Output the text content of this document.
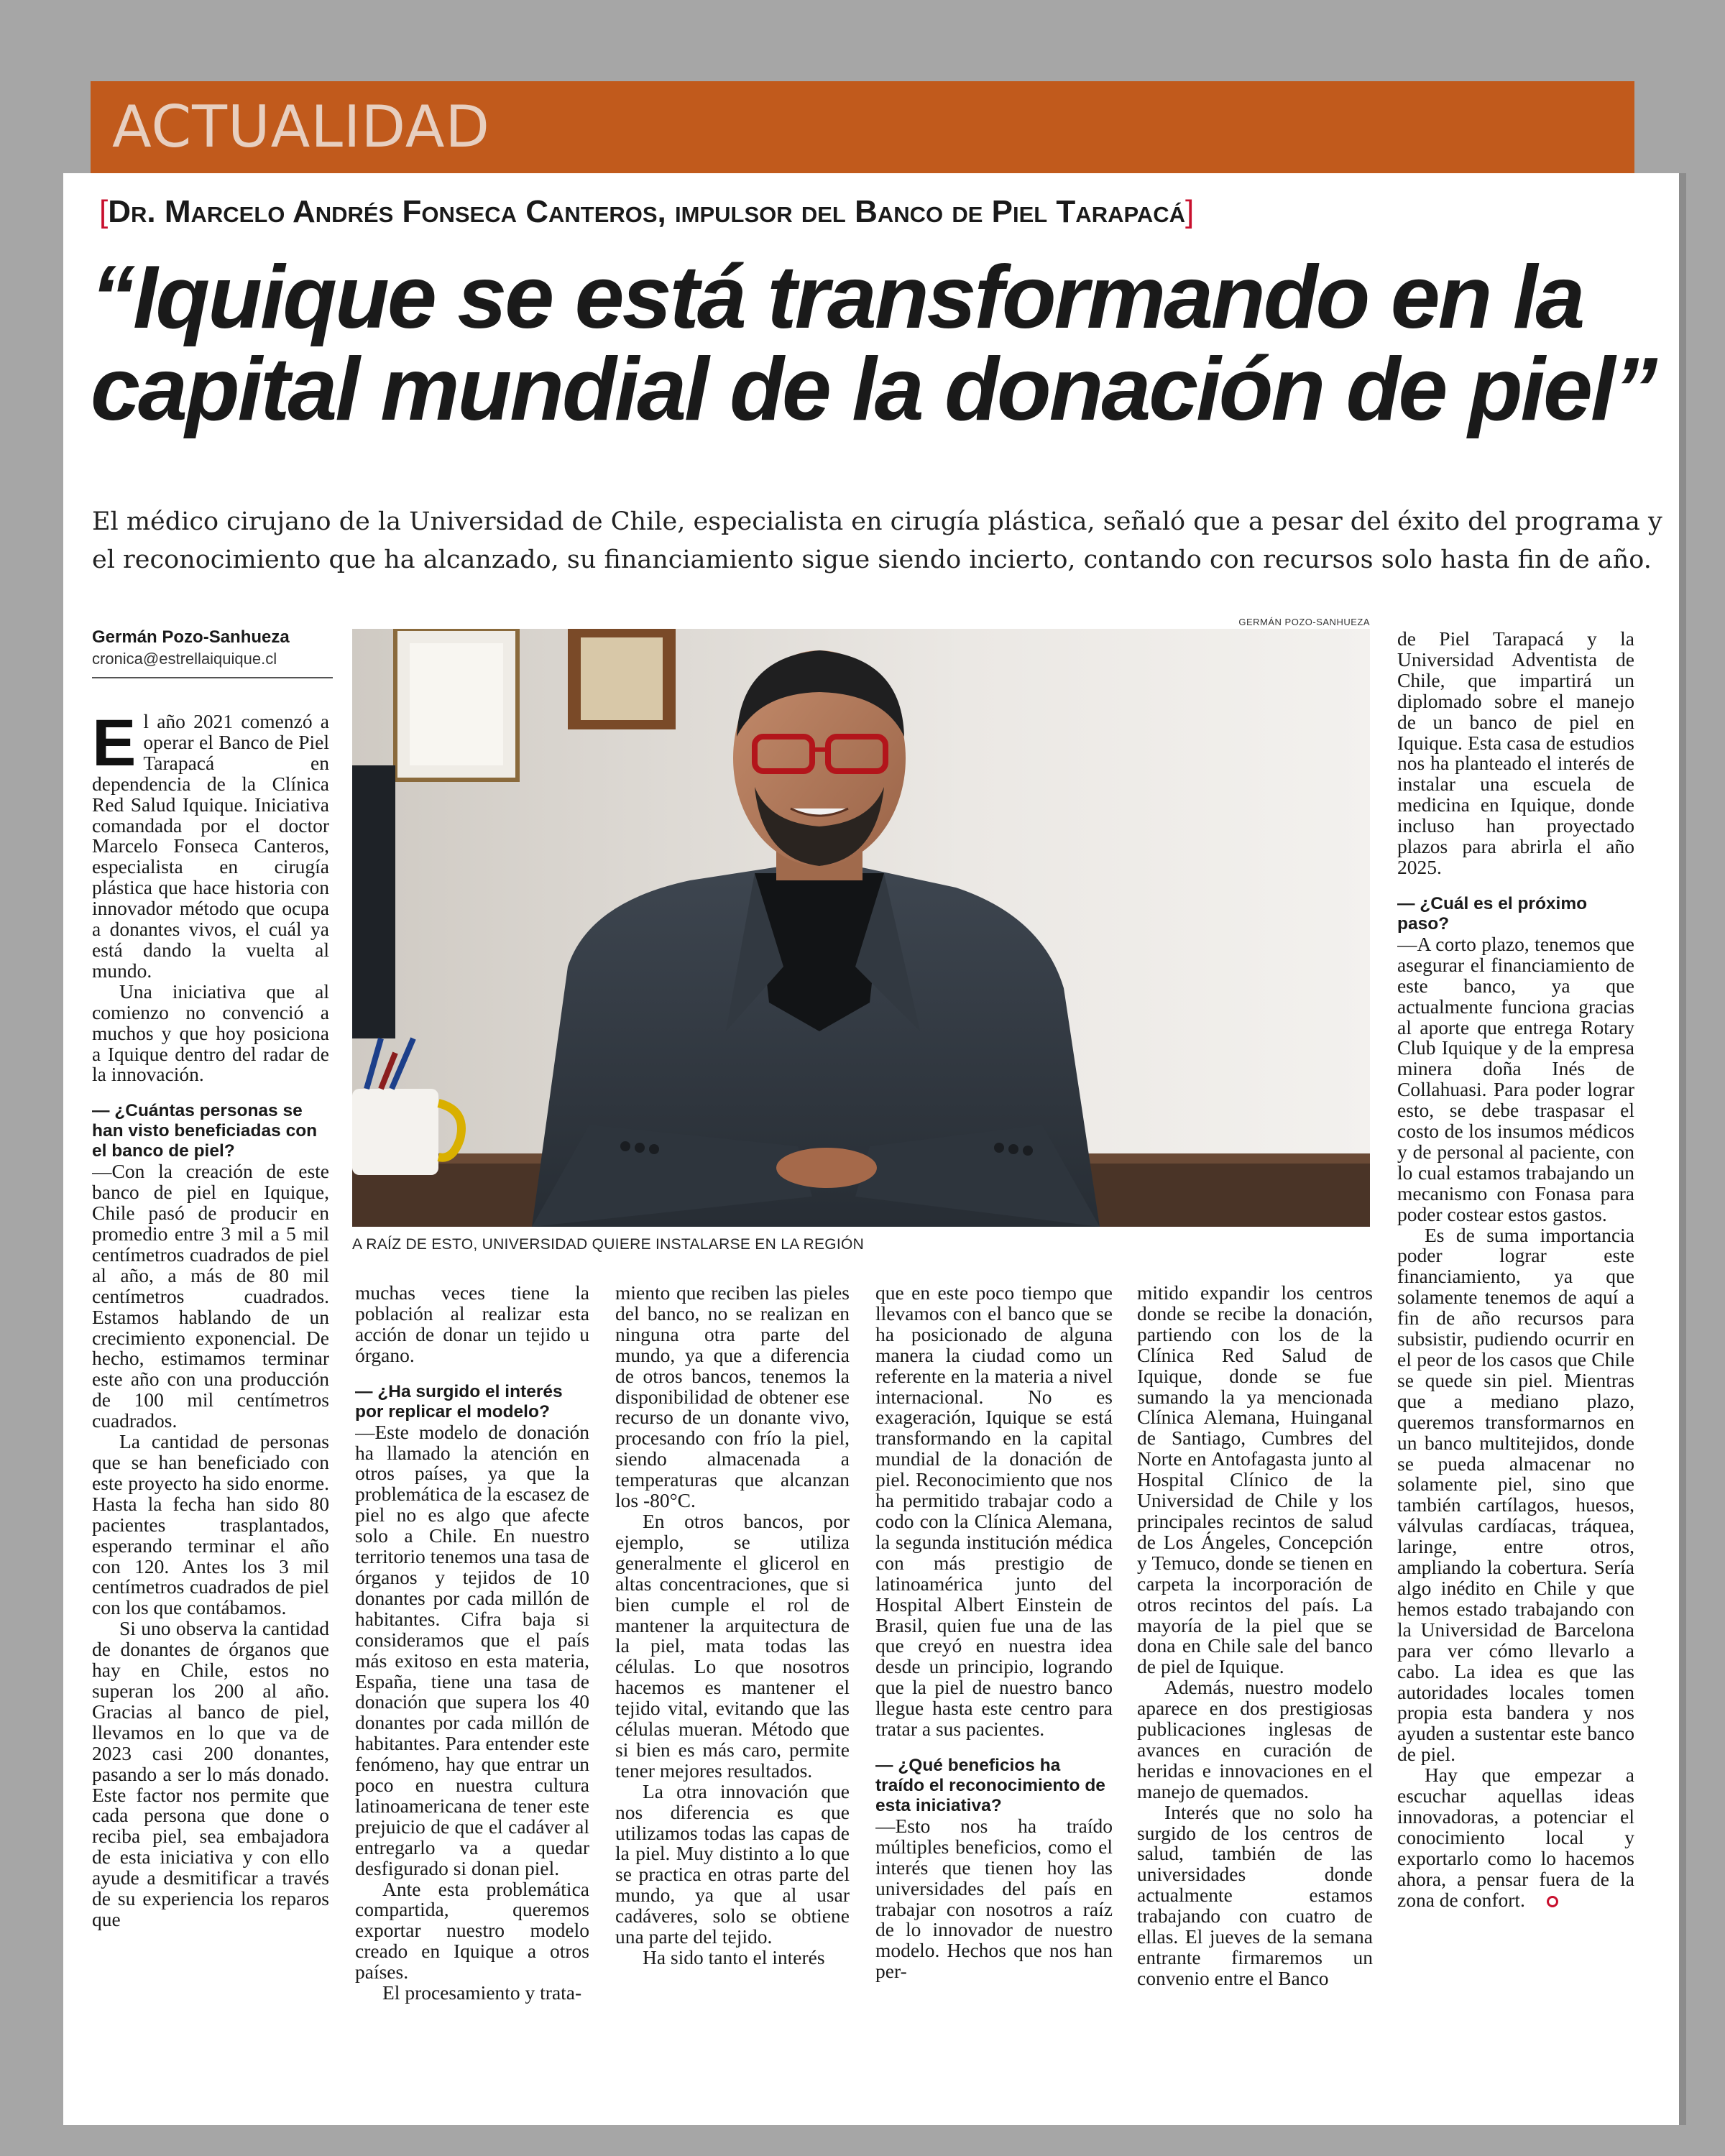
ACTUALIDAD
[Dr. Marcelo Andrés Fonseca Canteros, impulsor del Banco de Piel Tarapacá]
“Iquique se está transformando en la
capital mundial de la donación de piel”
El médico cirujano de la Universidad de Chile, especialista en cirugía plástica, señaló que a pesar del éxito del programa y
el reconocimiento que ha alcanzado, su financiamiento sigue siendo incierto, contando con recursos solo hasta fin de año.
Germán Pozo-Sanhueza
cronica@estrellaiquique.cl
GERMÁN POZO-SANHUEZA
A RAÍZ DE ESTO, UNIVERSIDAD QUIERE INSTALARSE EN LA REGIÓN

El año 2021 comenzó a operar el Banco de Piel Tarapacá en dependencia de la Clínica Red Salud Iquique. Iniciativa comandada por el doctor Marcelo Fonseca Canteros, especialista en cirugía plástica que hace historia con innovador método que ocupa a donantes vivos, el cuál ya está dando la vuelta al mundo.

Una iniciativa que al comienzo no convenció a muchos y que hoy posiciona a Iquique dentro del radar de la innovación.

— ¿Cuántas personas se han visto beneficiadas con el banco de piel?

—Con la creación de este banco de piel en Iquique, Chile pasó de producir en promedio entre 3 mil a 5 mil centímetros cuadrados de piel al año, a más de 80 mil centímetros cuadrados. Estamos hablando de un crecimiento exponencial. De hecho, estimamos terminar este año con una producción de 100 mil centímetros cuadrados.

La cantidad de personas que se han beneficiado con este proyecto ha sido enorme. Hasta la fecha han sido 80 pacientes trasplantados, esperando terminar el año con 120. Antes los 3 mil centímetros cuadrados de piel con los que contábamos.

Si uno observa la cantidad de donantes de órganos que hay en Chile, estos no superan los 200 al año. Gracias al banco de piel, llevamos en lo que va de 2023 casi 200 donantes, pasando a ser lo más donado. Este factor nos permite que cada persona que done o reciba piel, sea embajadora de esta iniciativa y con ello ayude a desmitificar a través de su experiencia los reparos que

muchas veces tiene la población al realizar esta acción de donar un tejido u órgano.

— ¿Ha surgido el interés por replicar el modelo?

—Este modelo de donación ha llamado la atención en otros países, ya que la problemática de la escasez de piel no es algo que afecte solo a Chile. En nuestro territorio tenemos una tasa de órganos y tejidos de 10 donantes por cada millón de habitantes. Cifra baja si consideramos que el país más exitoso en esta materia, España, tiene una tasa de donación que supera los 40 donantes por cada millón de habitantes. Para entender este fenómeno, hay que entrar un poco en nuestra cultura latinoamericana de tener este prejuicio de que el cadáver al entregarlo va a quedar desfigurado si donan piel.

Ante esta problemática compartida, queremos exportar nuestro modelo creado en Iquique a otros países.

El procesamiento y trata-

miento que reciben las pieles del banco, no se realizan en ninguna otra parte del mundo, ya que a diferencia de otros bancos, tenemos la disponibilidad de obtener ese recurso de un donante vivo, procesando con frío la piel, siendo almacenada a temperaturas que alcanzan los -80°C.

En otros bancos, por ejemplo, se utiliza generalmente el glicerol en altas concentraciones, que si bien cumple el rol de mantener la arquitectura de la piel, mata todas las células. Lo que nosotros hacemos es mantener el tejido vital, evitando que las células mueran. Método que si bien es más caro, permite tener mejores resultados.

La otra innovación que nos diferencia es que utilizamos todas las capas de la piel. Muy distinto a lo que se practica en otras parte del mundo, ya que al usar cadáveres, solo se obtiene una parte del tejido.

Ha sido tanto el interés

que en este poco tiempo que llevamos con el banco que se ha posicionado de alguna manera la ciudad como un referente en la materia a nivel internacional. No es exageración, Iquique se está transformando en la capital mundial de la donación de piel. Reconocimiento que nos ha permitido trabajar codo a codo con la Clínica Alemana, la segunda institución médica con más prestigio de latinoamérica junto del Hospital Albert Einstein de Brasil, quien fue una de las que creyó en nuestra idea desde un principio, logrando que la piel de nuestro banco llegue hasta este centro para tratar a sus pacientes.

— ¿Qué beneficios ha traído el reconocimiento de esta iniciativa?

—Esto nos ha traído múltiples beneficios, como el interés que tienen hoy las universidades del país en trabajar con nosotros a raíz de lo innovador de nuestro modelo. Hechos que nos han per-

mitido expandir los centros donde se recibe la donación, partiendo con los de la Clínica Red Salud de Iquique, donde se fue sumando la ya mencionada Clínica Alemana, Huinganal de Santiago, Cumbres del Norte en Antofagasta junto al Hospital Clínico de la Universidad de Chile y los principales recintos de salud de Los Ángeles, Concepción y Temuco, donde se tienen en carpeta la incorporación de otros recintos del país. La mayoría de la piel que se dona en Chile sale del banco de piel de Iquique.

Además, nuestro modelo aparece en dos prestigiosas publicaciones inglesas de avances en curación de heridas e innovaciones en el manejo de quemados.

Interés que no solo ha surgido de los centros de salud, también de las universidades donde actualmente estamos trabajando con cuatro de ellas. El jueves de la semana entrante firmaremos un convenio entre el Banco

de Piel Tarapacá y la Universidad Adventista de Chile, que impartirá un diplomado sobre el manejo de un banco de piel en Iquique. Esta casa de estudios nos ha planteado el interés de instalar una escuela de medicina en Iquique, donde incluso han proyectado plazos para abrirla el año 2025.

— ¿Cuál es el próximo paso?

—A corto plazo, tenemos que asegurar el financiamiento de este banco, ya que actualmente funciona gracias al aporte que entrega Rotary Club Iquique y de la empresa minera doña Inés de Collahuasi. Para poder lograr esto, se debe traspasar el costo de los insumos médicos y de personal al paciente, con lo cual estamos trabajando un mecanismo con Fonasa para poder costear estos gastos.

Es de suma importancia poder lograr este financiamiento, ya que solamente tenemos de aquí a fin de año recursos para subsistir, pudiendo ocurrir en el peor de los casos que Chile se quede sin piel. Mientras que a mediano plazo, queremos transformarnos en un banco multitejidos, donde se pueda almacenar no solamente piel, sino que también cartílagos, huesos, válvulas cardíacas, tráquea, laringe, entre otros, ampliando la cobertura. Sería algo inédito en Chile y que hemos estado trabajando con la Universidad de Barcelona para ver cómo llevarlo a cabo. La idea es que las autoridades locales tomen propia esta bandera y nos ayuden a sustentar este banco de piel.

Hay que empezar a escuchar aquellas ideas innovadoras, a potenciar el conocimiento local y exportarlo como lo hacemos ahora, a pensar fuera de la zona de confort.
